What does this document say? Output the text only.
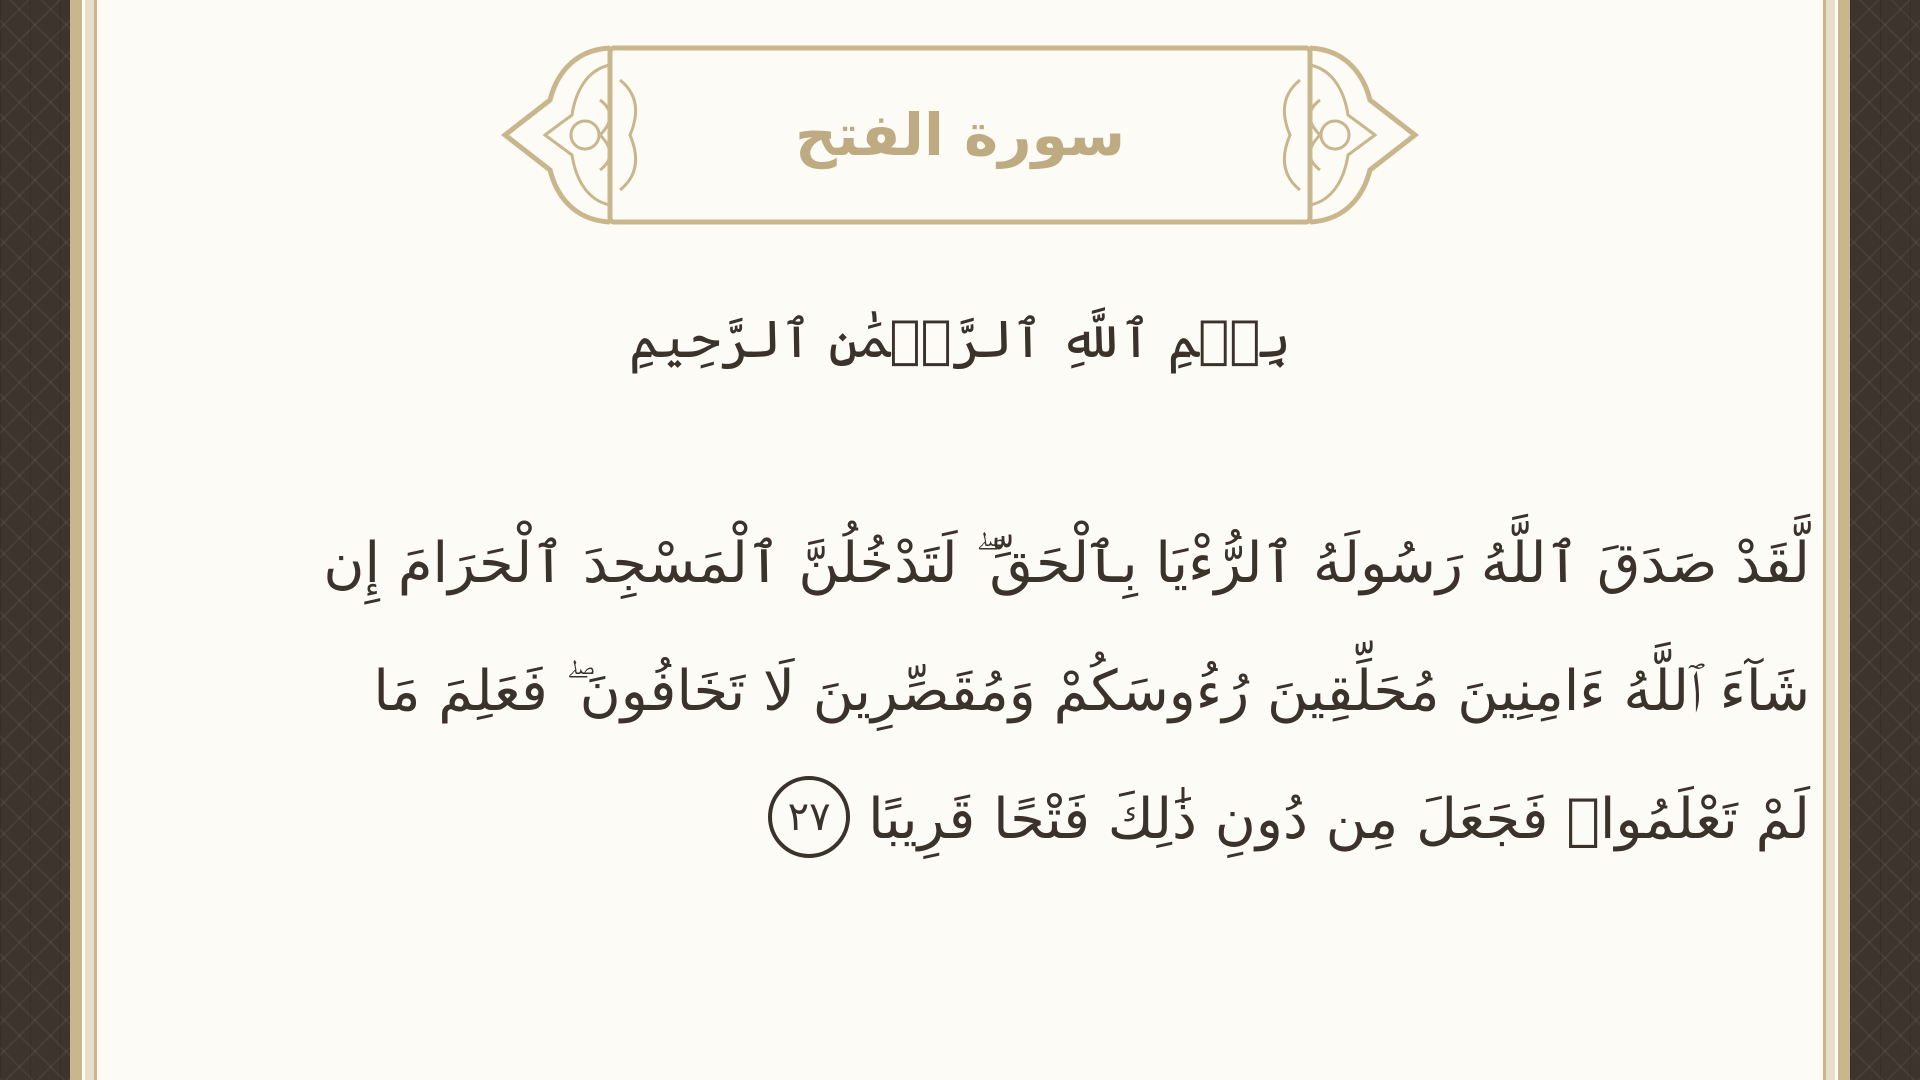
سورة الفتح
بِسۡمِ ٱللَّهِ ٱلرَّحۡمَٰنِ ٱلرَّحِيمِ
لَّقَدْ صَدَقَ ٱللَّهُ رَسُولَهُ ٱلرُّءْيَا بِٱلْحَقِّ ۖ لَتَدْخُلُنَّ ٱلْمَسْجِدَ ٱلْحَرَامَ إِن
شَآءَ ٱللَّهُ ءَامِنِينَ مُحَلِّقِينَ رُءُوسَكُمْ وَمُقَصِّرِينَ لَا تَخَافُونَ ۖ فَعَلِمَ مَا
لَمْ تَعْلَمُوا۟ فَجَعَلَ مِن دُونِ ذَٰلِكَ فَتْحًا قَرِيبًا٢٧
